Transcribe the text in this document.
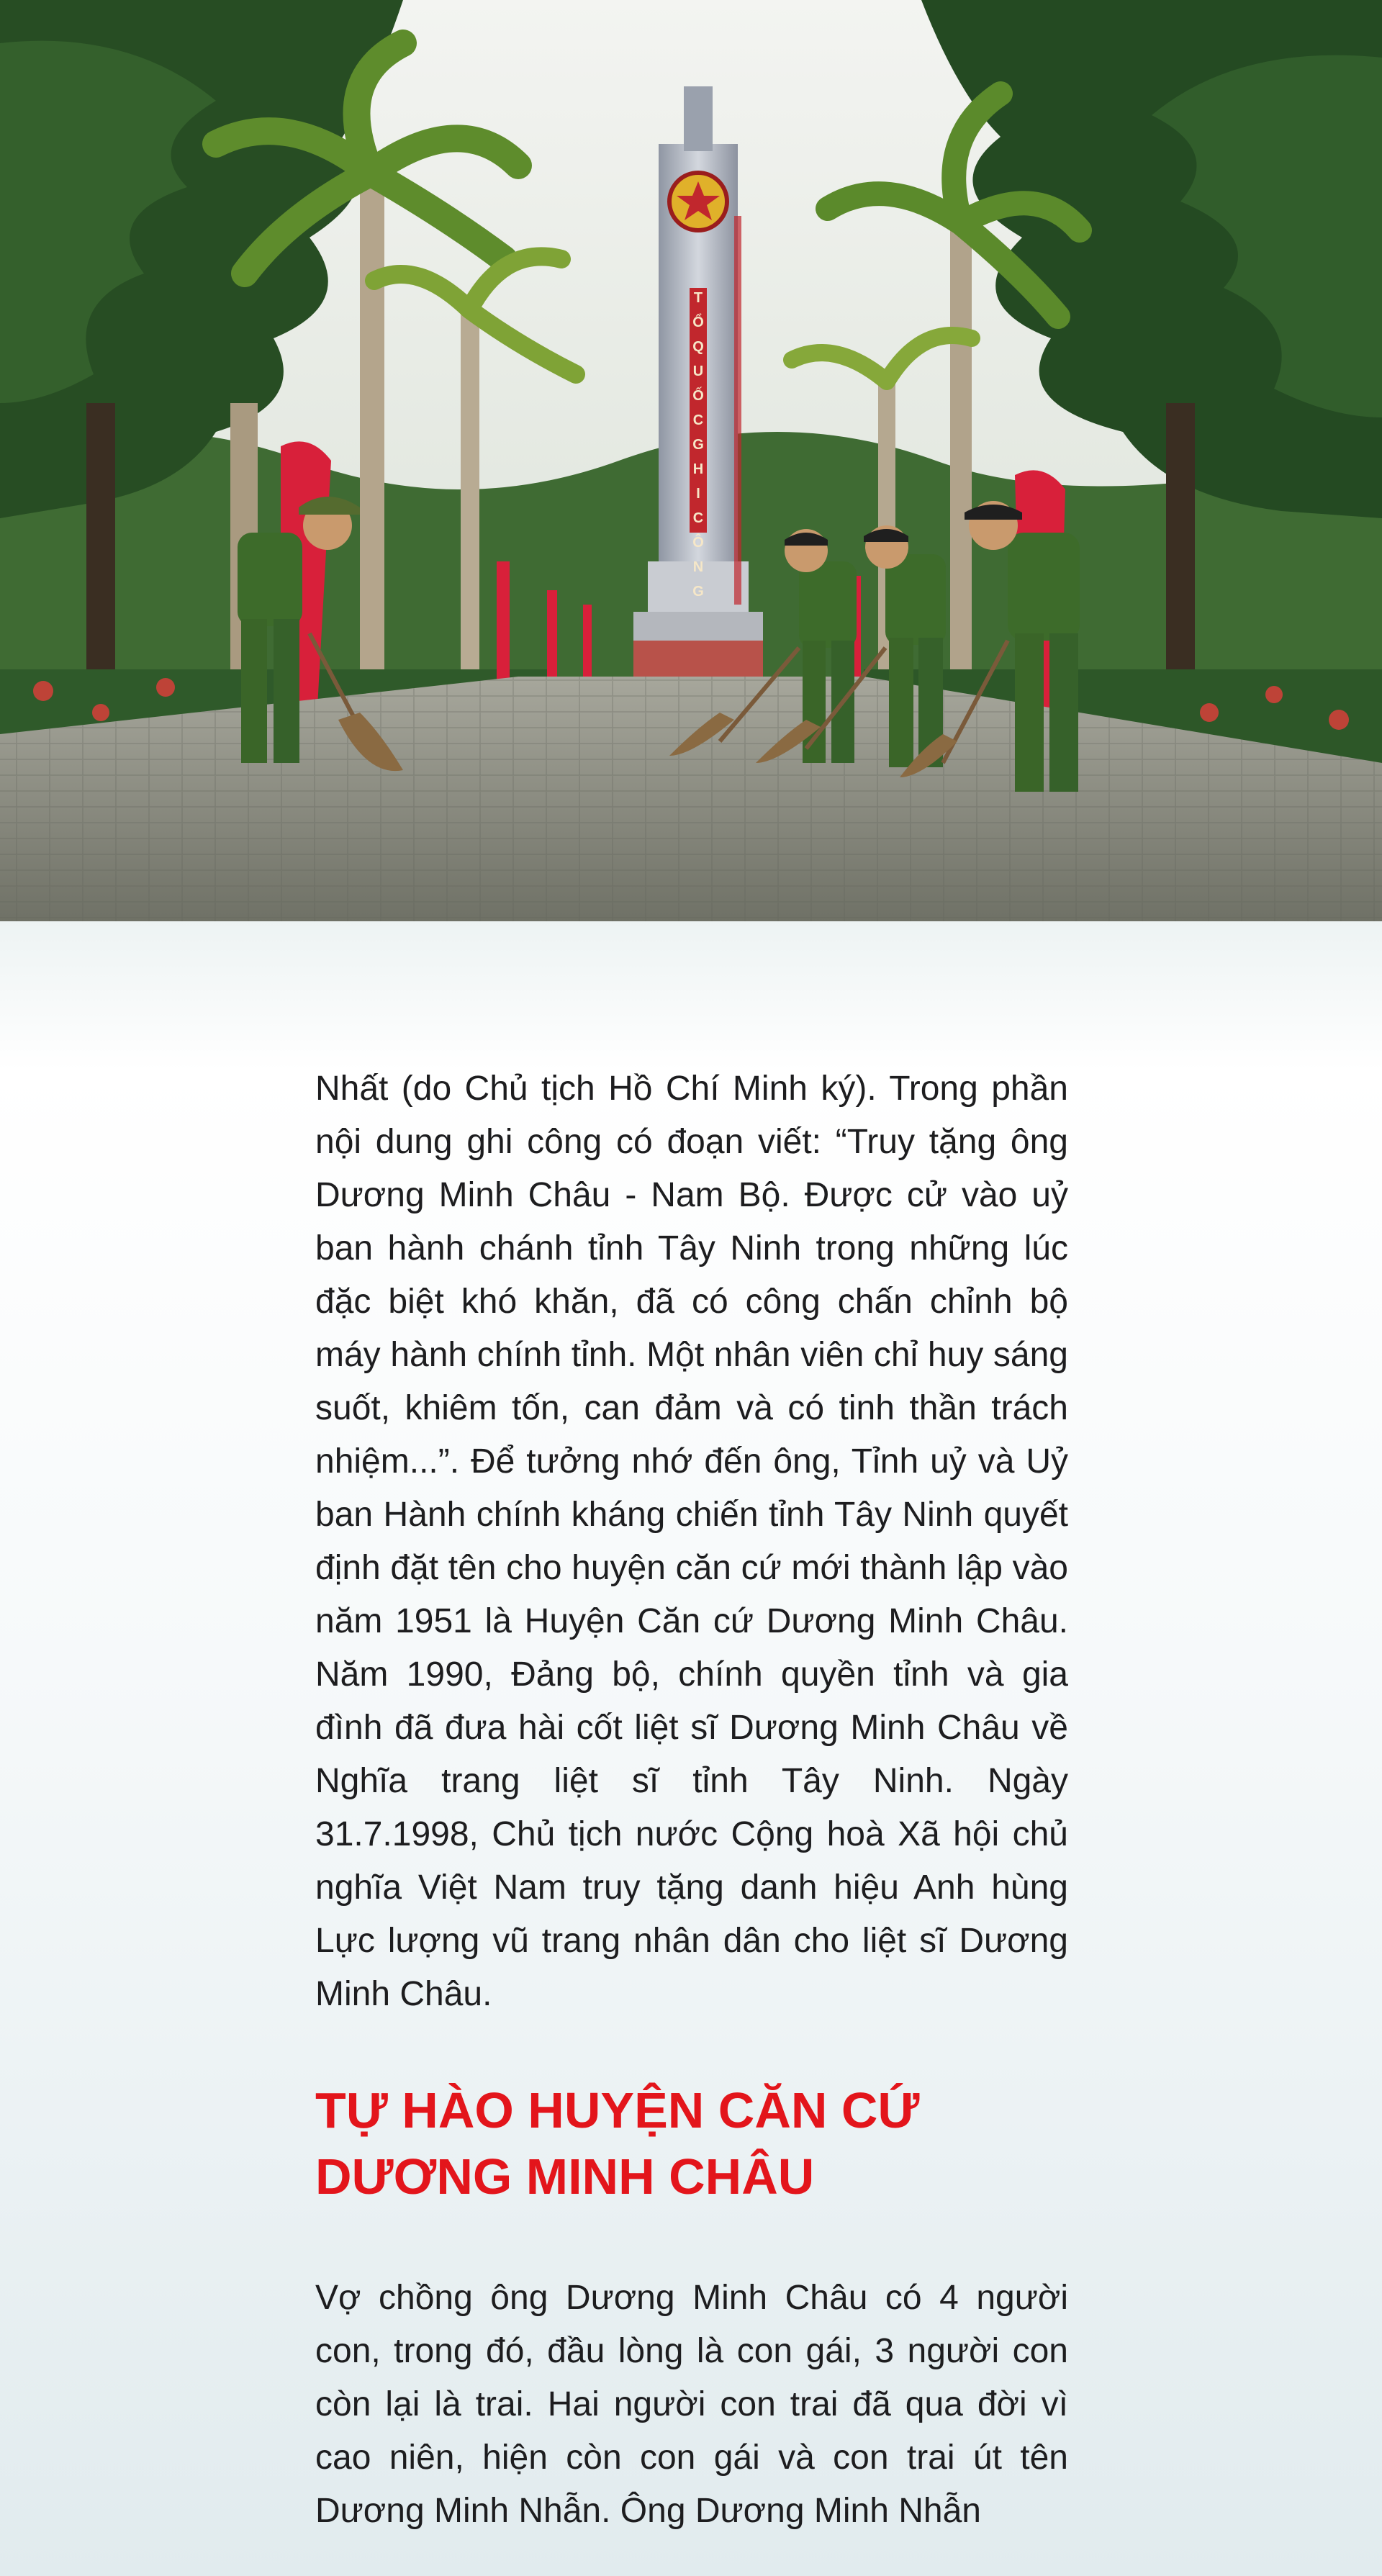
T
Ổ
Q
U
Ố
C
G
H
I
C
Ô
N
G

Nhất (do Chủ tịch Hồ Chí Minh ký). Trong phần nội dung ghi công có đoạn viết: “Truy tặng ông Dương Minh Châu - Nam Bộ. Được cử vào uỷ ban hành chánh tỉnh Tây Ninh trong những lúc đặc biệt khó khăn, đã có công chấn chỉnh bộ máy hành chính tỉnh. Một nhân viên chỉ huy sáng suốt, khiêm tốn, can đảm và có tinh thần trách nhiệm...”. Để tưởng nhớ đến ông, Tỉnh uỷ và Uỷ ban Hành chính kháng chiến tỉnh Tây Ninh quyết định đặt tên cho huyện căn cứ mới thành lập vào năm 1951 là Huyện Căn cứ Dương Minh Châu. Năm 1990, Đảng bộ, chính quyền tỉnh và gia đình đã đưa hài cốt liệt sĩ Dương Minh Châu về Nghĩa trang liệt sĩ tỉnh Tây Ninh. Ngày 31.7.1998, Chủ tịch nước Cộng hoà Xã hội chủ nghĩa Việt Nam truy tặng danh hiệu Anh hùng Lực lượng vũ trang nhân dân cho liệt sĩ Dương Minh Châu.

TỰ HÀO HUYỆN CĂN CỨ
DƯƠNG MINH CHÂU

Vợ chồng ông Dương Minh Châu có 4 người con, trong đó, đầu lòng là con gái, 3 người con còn lại là trai. Hai người con trai đã qua đời vì cao niên, hiện còn con gái và con trai út tên Dương Minh Nhẫn. Ông Dương Minh Nhẫn
